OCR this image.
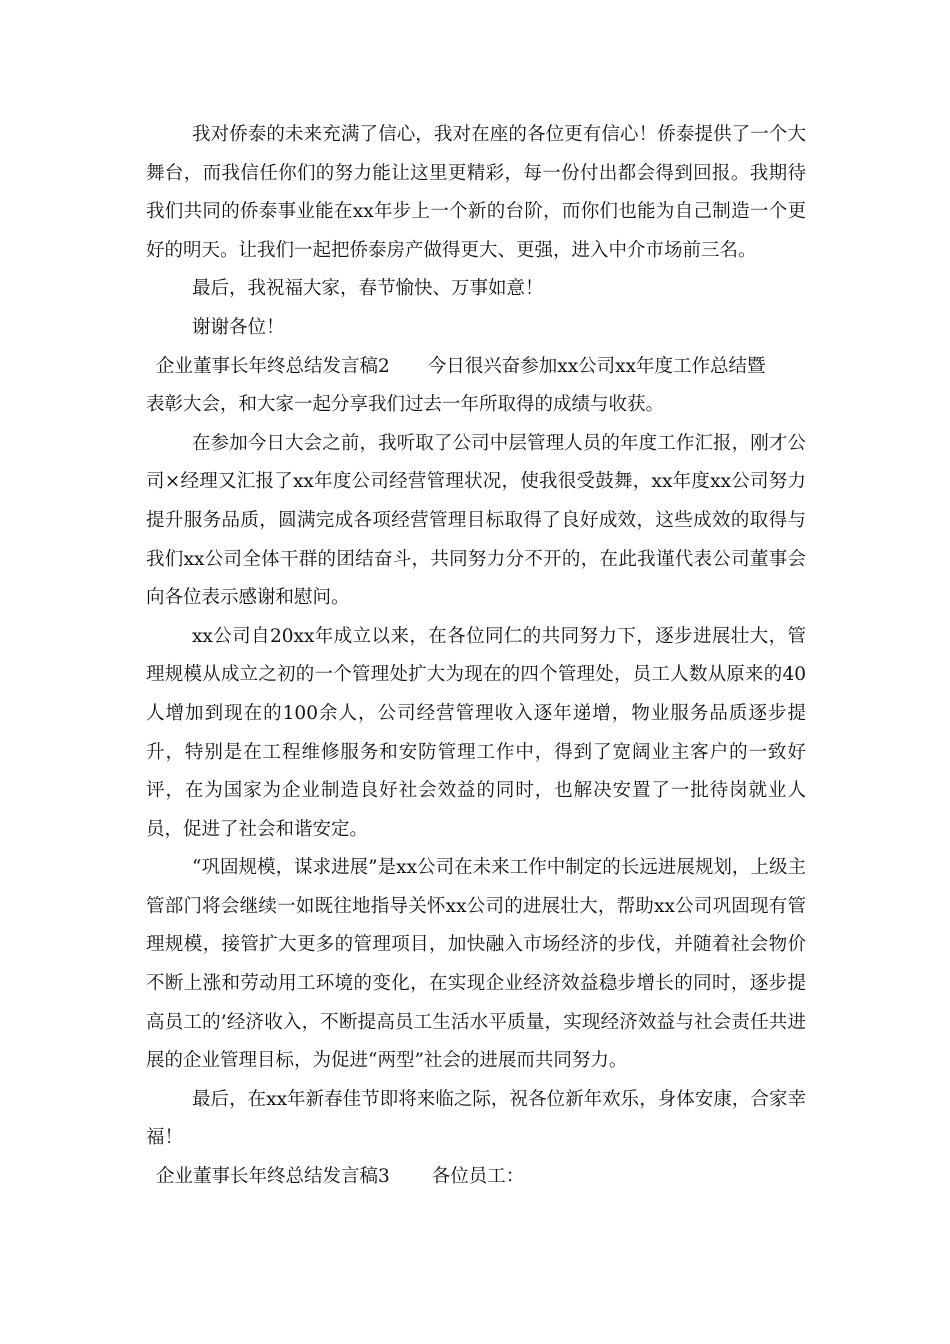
我对侨泰的未来充满了信心，我对在座的各位更有信心！侨泰提供了一个大舞台，而我信任你们的努力能让这里更精彩，每一份付出都会得到回报。我期待我们共同的侨泰事业能在xx年步上一个新的台阶，而你们也能为自己制造一个更好的明天。让我们一起把侨泰房产做得更大、更强，进入中介市场前三名。

最后，我祝福大家，春节愉快、万事如意！

谢谢各位！

企业董事长年终总结发言稿2 今日很兴奋参加xx公司xx年度工作总结暨

表彰大会，和大家一起分享我们过去一年所取得的成绩与收获。

在参加今日大会之前，我听取了公司中层管理人员的年度工作汇报，刚才公司×经理又汇报了xx年度公司经营管理状况，使我很受鼓舞，xx年度xx公司努力提升服务品质，圆满完成各项经营管理目标取得了良好成效，这些成效的取得与我们xx公司全体干群的团结奋斗，共同努力分不开的，在此我谨代表公司董事会向各位表示感谢和慰问。

xx公司自20xx年成立以来，在各位同仁的共同努力下，逐步进展壮大，管理规模从成立之初的一个管理处扩大为现在的四个管理处，员工人数从原来的40人增加到现在的100余人，公司经营管理收入逐年递增，物业服务品质逐步提升，特别是在工程维修服务和安防管理工作中，得到了宽阔业主客户的一致好评，在为国家为企业制造良好社会效益的同时，也解决安置了一批待岗就业人员，促进了社会和谐安定。

“巩固规模，谋求进展”是xx公司在未来工作中制定的长远进展规划，上级主管部门将会继续一如既往地指导关怀xx公司的进展壮大，帮助xx公司巩固现有管理规模，接管扩大更多的管理项目，加快融入市场经济的步伐，并随着社会物价不断上涨和劳动用工环境的变化，在实现企业经济效益稳步增长的同时，逐步提高员工的’经济收入，不断提高员工生活水平质量，实现经济效益与社会责任共进展的企业管理目标，为促进“两型”社会的进展而共同努力。

最后，在xx年新春佳节即将来临之际，祝各位新年欢乐，身体安康，合家幸福！

企业董事长年终总结发言稿3 各位员工：
